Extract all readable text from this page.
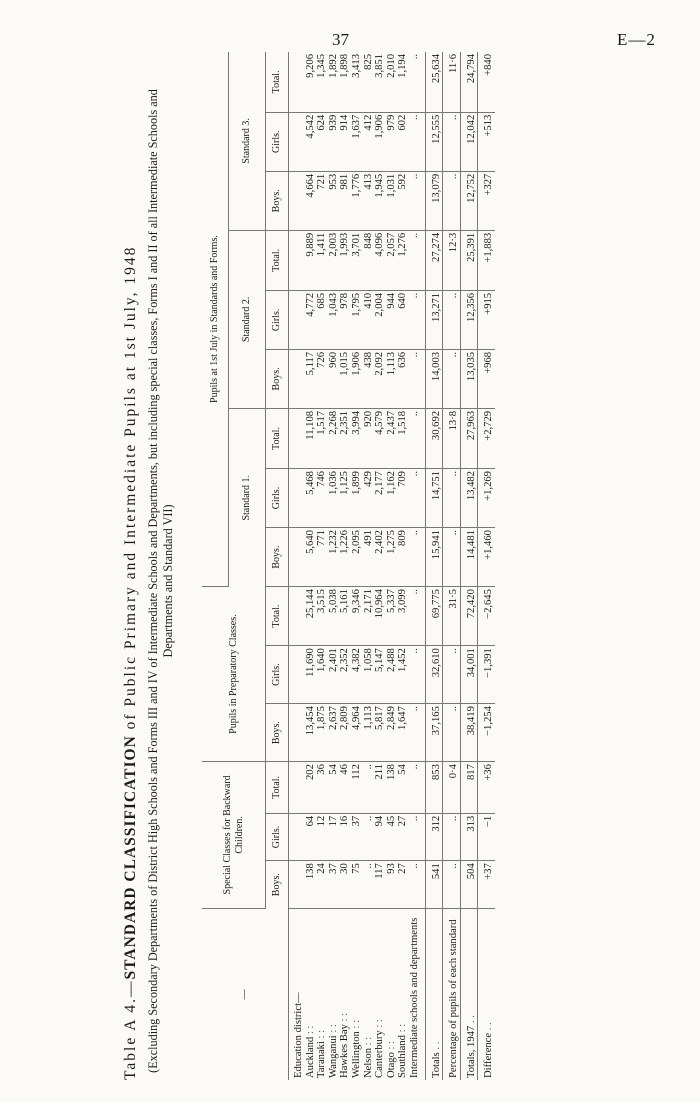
37	E—2
Table A 4.—STANDARD CLASSIFICATION of Public Primary and Intermediate Pupils at 1st July, 1948 (Excluding Secondary Departments of District High Schools and Forms III and IV of Intermediate Schools and Departments, but including special classes, Forms I and II of all Intermediate Schools and Departments and Standard VII)
—	Special Classes for Backward Children.			Pupils in Preparatory Classes.			Pupils at 1st July in Standards and Forms.								
							Standard 1.			Standard 2.			Standard 3.		
	Boys.	Girls.	Total.	Boys.	Girls.	Total.	Boys.	Girls.	Total.	Boys.	Girls.	Total.	Boys.	Girls.	Total.
Education district—															
Auckland : :	138	64	202	13,454	11,690	25,144	5,640	5,468	11,108	5,117	4,772	9,889	4,664	4,542	9,206
Taranaki : :	24	12	36	1,875	1,640	3,515	771	746	1,517	726	685	1,411	721	624	1,345
Wanganui : :	37	17	54	2,637	2,401	5,038	1,232	1,036	2,268	960	1,043	2,003	953	939	1,892
Hawkes Bay : :	30	16	46	2,809	2,352	5,161	1,226	1,125	2,351	1,015	978	1,993	981	914	1,898
Wellington : :	75	37	112	4,964	4,382	9,346	2,095	1,899	3,994	1,906	1,795	3,701	1,776	1,637	3,413
Nelson : :	..	..	..	1,113	1,058	2,171	491	429	920	438	410	848	413	412	825
Canterbury : :	117	94	211	5,817	5,147	10,964	2,402	2,177	4,579	2,092	2,004	4,096	1,945	1,906	3,851
Otago : :	93	45	138	2,849	2,488	5,337	1,275	1,162	2,437	1,113	944	2,057	1,031	979	2,010
Southland : :	27	27	54	1,647	1,452	3,099	809	709	1,518	636	640	1,276	592	602	1,194
Intermediate schools and departments	..	..	..	..	..	..	..	..	..	..	..	..	..	..	..
Totals . .	541	312	853	37,165	32,610	69,775	15,941	14,751	30,692	14,003	13,271	27,274	13,079	12,555	25,634
Percentage of pupils of each standard	..	..	0·4	..	..	31·5	..	..	13·8	..	..	12·3	..	..	11·6
Totals, 1947 . .	504	313	817	38,419	34,001	72,420	14,481	13,482	27,963	13,035	12,356	25,391	12,752	12,042	24,794
Difference . .	+37	−1	+36	−1,254	−1,391	−2,645	+1,460	+1,269	+2,729	+968	+915	+1,883	+327	+513	+840
